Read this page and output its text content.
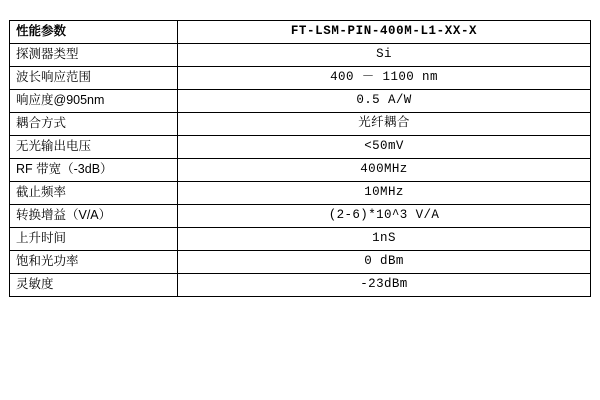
性能参数	FT-LSM-PIN-400M-L1-XX-X
探测器类型	Si
波长响应范围	400 － 1100 nm
响应度@905nm	0.5 A/W
耦合方式	光纤耦合
无光输出电压	<50mV
RF 带宽（-3dB）	400MHz
截止频率	10MHz
转换增益（V/A）	(2-6)*10^3 V/A
上升时间	1nS
饱和光功率	0 dBm
灵敏度	-23dBm
